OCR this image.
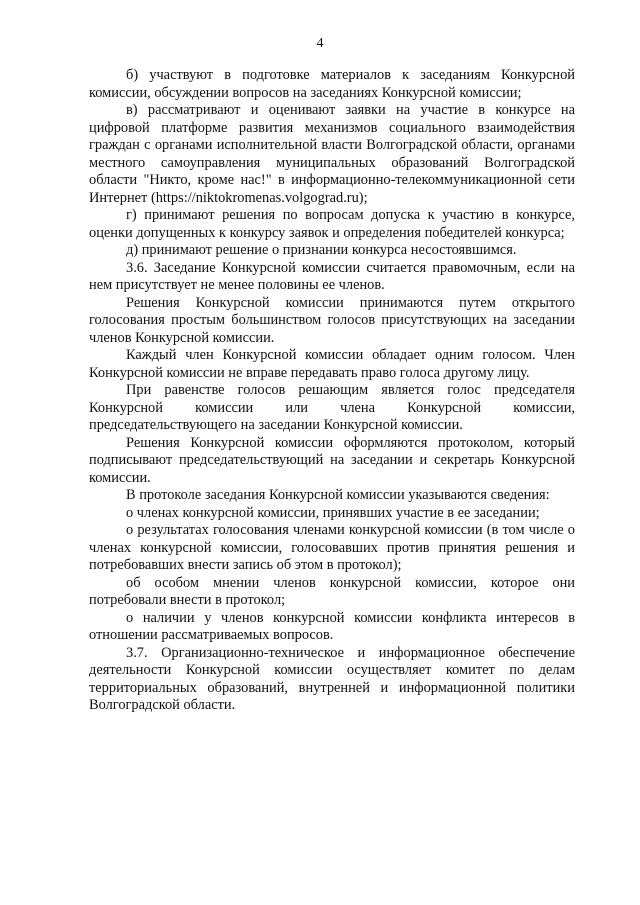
4

б) участвуют в подготовке материалов к заседаниям Конкурсной комиссии, обсуждении вопросов на заседаниях Конкурсной комиссии;

в) рассматривают и оценивают заявки на участие в конкурсе на цифровой платформе развития механизмов социального взаимодействия граждан с органами исполнительной власти Волгоградской области, органами местного самоуправления муниципальных образований Волгоградской области "Никто, кроме нас!" в информационно-телекоммуникационной сети Интернет (https://niktokromenas.volgograd.ru);

г) принимают решения по вопросам допуска к участию в конкурсе, оценки допущенных к конкурсу заявок и определения победителей конкурса;

д) принимают решение о признании конкурса несостоявшимся.

3.6. Заседание Конкурсной комиссии считается правомочным, если на нем присутствует не менее половины ее членов.

Решения Конкурсной комиссии принимаются путем открытого голосования простым большинством голосов присутствующих на заседании членов Конкурсной комиссии.

Каждый член Конкурсной комиссии обладает одним голосом. Член Конкурсной комиссии не вправе передавать право голоса другому лицу.

При равенстве голосов решающим является голос председателя Конкурсной комиссии или члена Конкурсной комиссии, председательствующего на заседании Конкурсной комиссии.

Решения Конкурсной комиссии оформляются протоколом, который подписывают председательствующий на заседании и секретарь Конкурсной комиссии.

В протоколе заседания Конкурсной комиссии указываются сведения:

о членах конкурсной комиссии, принявших участие в ее заседании;

о результатах голосования членами конкурсной комиссии (в том числе о членах конкурсной комиссии, голосовавших против принятия решения и потребовавших внести запись об этом в протокол);

об особом мнении членов конкурсной комиссии, которое они потребовали внести в протокол;

о наличии у членов конкурсной комиссии конфликта интересов в отношении рассматриваемых вопросов.

3.7. Организационно-техническое и информационное обеспечение деятельности Конкурсной комиссии осуществляет комитет по делам территориальных образований, внутренней и информационной политики Волгоградской области.
